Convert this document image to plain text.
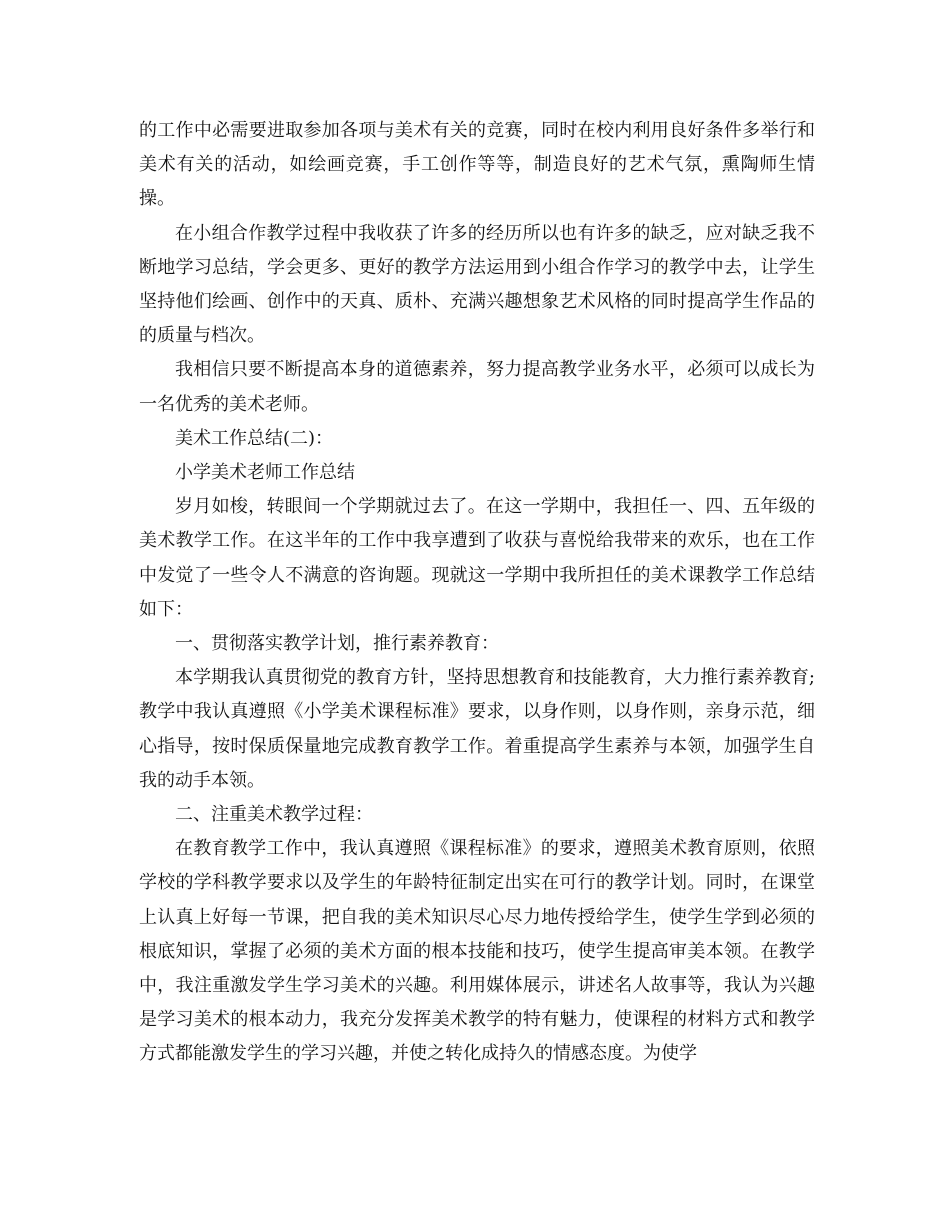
的工作中必需要进取参加各项与美术有关的竞赛，同时在校内利用良好条件多举行和美术有关的活动，如绘画竞赛，手工创作等等，制造良好的艺术气氛，熏陶师生情操。

在小组合作教学过程中我收获了许多的经历所以也有许多的缺乏，应对缺乏我不断地学习总结，学会更多、更好的教学方法运用到小组合作学习的教学中去，让学生坚持他们绘画、创作中的天真、质朴、充满兴趣想象艺术风格的同时提高学生作品的的质量与档次。

我相信只要不断提高本身的道德素养，努力提高教学业务水平，必须可以成长为一名优秀的美术老师。

美术工作总结(二)：

小学美术老师工作总结

岁月如梭，转眼间一个学期就过去了。在这一学期中，我担任一、四、五年级的美术教学工作。在这半年的工作中我享遭到了收获与喜悦给我带来的欢乐，也在工作中发觉了一些令人不满意的咨询题。现就这一学期中我所担任的美术课教学工作总结如下：

一、贯彻落实教学计划，推行素养教育：

本学期我认真贯彻党的教育方针，坚持思想教育和技能教育，大力推行素养教育;教学中我认真遵照《小学美术课程标准》要求，以身作则，以身作则，亲身示范，细心指导，按时保质保量地完成教育教学工作。着重提高学生素养与本领，加强学生自我的动手本领。

二、注重美术教学过程：

在教育教学工作中，我认真遵照《课程标准》的要求，遵照美术教育原则，依照学校的学科教学要求以及学生的年龄特征制定出实在可行的教学计划。同时，在课堂上认真上好每一节课，把自我的美术知识尽心尽力地传授给学生，使学生学到必须的根底知识，掌握了必须的美术方面的根本技能和技巧，使学生提高审美本领。在教学中，我注重激发学生学习美术的兴趣。利用媒体展示，讲述名人故事等，我认为兴趣是学习美术的根本动力，我充分发挥美术教学的特有魅力，使课程的材料方式和教学方式都能激发学生的学习兴趣，并使之转化成持久的情感态度。为使学
